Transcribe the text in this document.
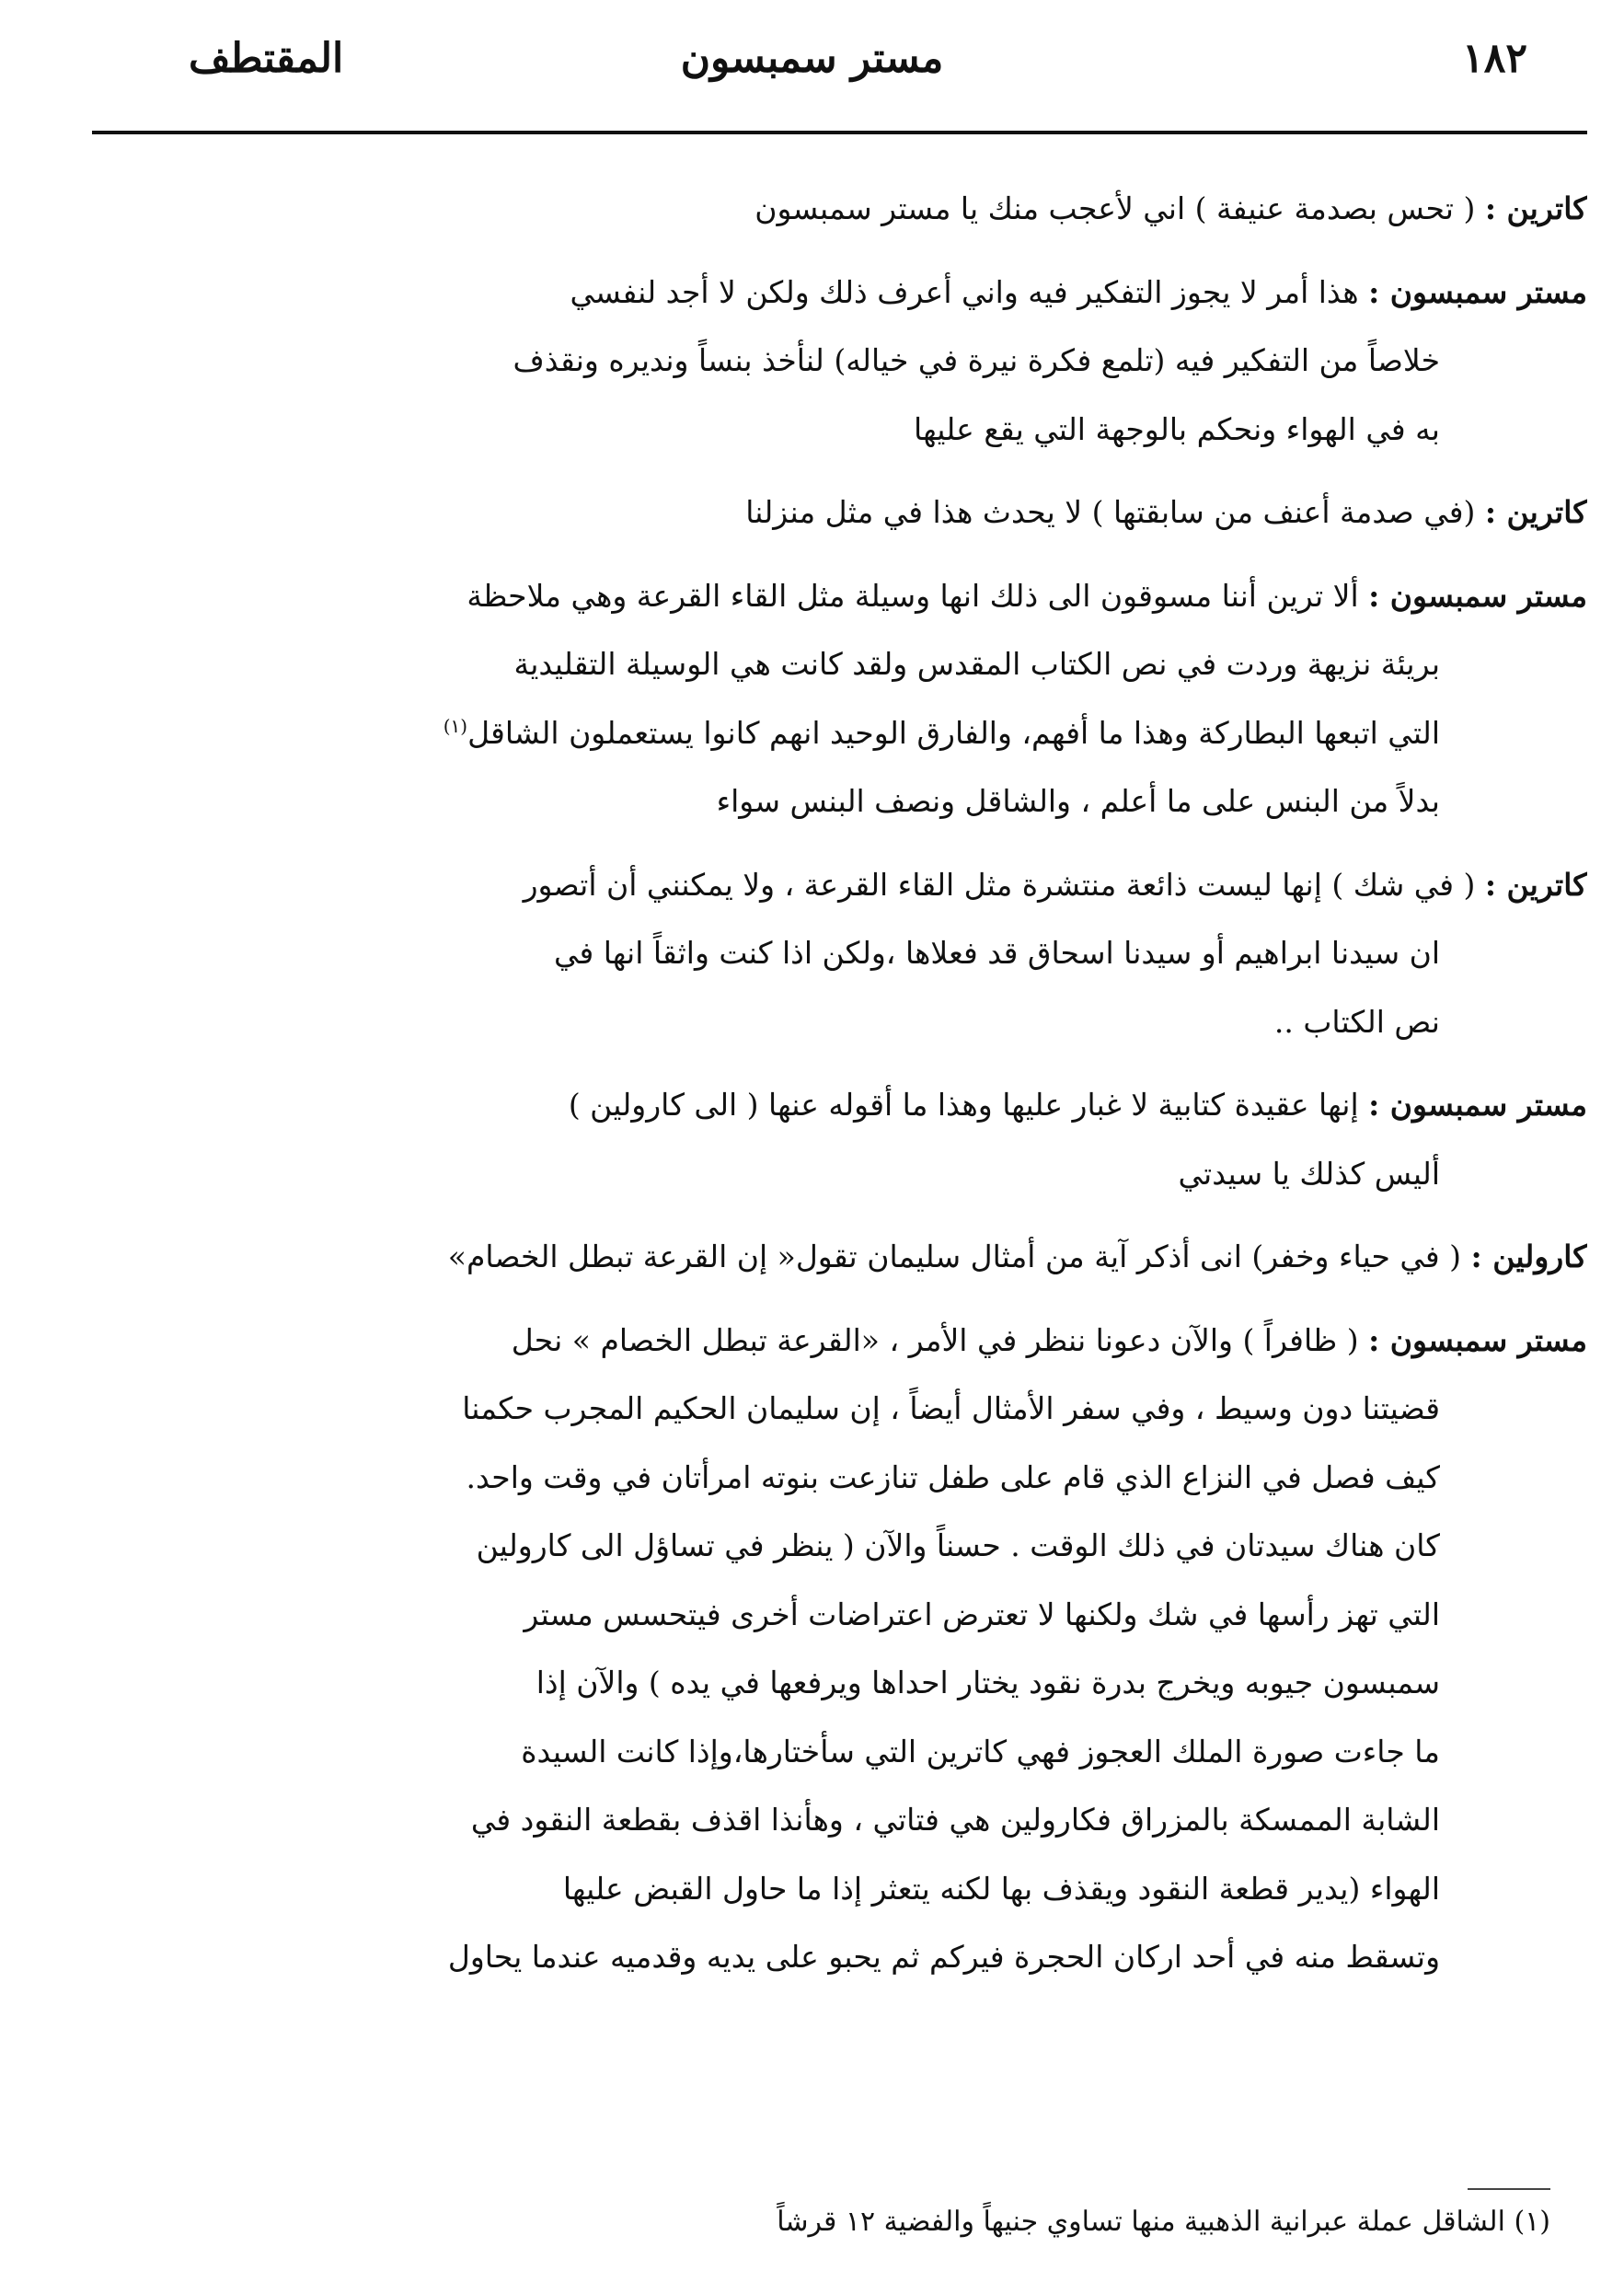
١٨٢
مستر سمبسون
المقتطف
كاترين : ( تحس بصدمة عنيفة ) اني لأعجب منك يا مستر سمبسون
مستر سمبسون : هذا أمر لا يجوز التفكير فيه واني أعرف ذلك ولكن لا أجد لنفسي
خلاصاً من التفكير فيه (تلمع فكرة نيرة في خياله) لنأخذ بنساً ونديره ونقذف
به في الهواء ونحكم بالوجهة التي يقع عليها
كاترين : (في صدمة أعنف من سابقتها ) لا يحدث هذا في مثل منزلنا
مستر سمبسون : ألا ترين أننا مسوقون الى ذلك انها وسيلة مثل القاء القرعة وهي ملاحظة
بريئة نزيهة وردت في نص الكتاب المقدس ولقد كانت هي الوسيلة التقليدية
التي اتبعها البطاركة وهذا ما أفهم، والفارق الوحيد انهم كانوا يستعملون الشاقل$^{(١)}$
بدلاً من البنس على ما أعلم ، والشاقل ونصف البنس سواء
كاترين : ( في شك ) إنها ليست ذائعة منتشرة مثل القاء القرعة ، ولا يمكنني أن أتصور
ان سيدنا ابراهيم أو سيدنا اسحاق قد فعلاها ،ولكن اذا كنت واثقاً انها في
نص الكتاب ..
مستر سمبسون : إنها عقيدة كتابية لا غبار عليها وهذا ما أقوله عنها ( الى كارولين )
أليس كذلك يا سيدتي
كارولين : ( في حياء وخفر) انى أذكر آية من أمثال سليمان تقول« إن القرعة تبطل الخصام»
مستر سمبسون : ( ظافراً ) والآن دعونا ننظر في الأمر ، «القرعة تبطل الخصام » نحل
قضيتنا دون وسيط ، وفي سفر الأمثال أيضاً ، إن سليمان الحكيم المجرب حكمنا
كيف فصل في النزاع الذي قام على طفل تنازعت بنوته امرأتان في وقت واحد.
كان هناك سيدتان في ذلك الوقت . حسناً والآن ( ينظر في تساؤل الى كارولين
التي تهز رأسها في شك ولكنها لا تعترض اعتراضات أخرى فيتحسس مستر
سمبسون جيوبه ويخرج بدرة نقود يختار احداها ويرفعها في يده ) والآن إذا
ما جاءت صورة الملك العجوز فهي كاترين التي سأختارها،وإذا كانت السيدة
الشابة الممسكة بالمزراق فكارولين هي فتاتي ، وهأنذا اقذف بقطعة النقود في
الهواء (يدير قطعة النقود ويقذف بها لكنه يتعثر إذا ما حاول القبض عليها
وتسقط منه في أحد اركان الحجرة فيركم ثم يحبو على يديه وقدميه عندما يحاول
(١) الشاقل عملة عبرانية الذهبية منها تساوي جنيهاً والفضية ١٢ قرشاً
